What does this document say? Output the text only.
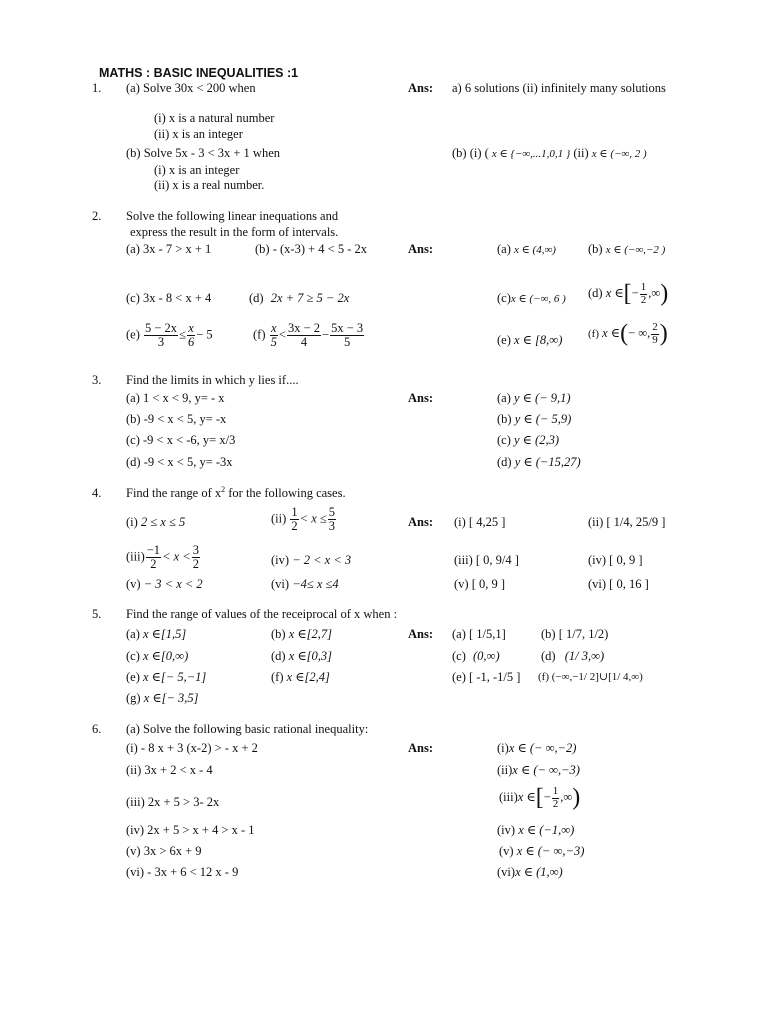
MATHS : BASIC INEQUALITIES :1
1. (a) Solve 30x < 200 when	Ans: a) 6 solutions (ii) infinitely many solutions
(i) x is a natural number
(ii) x is an integer
(b) Solve 5x - 3 < 3x + 1 when	(b) (i) ( x ∈ {−∞,...1,0,1 } (ii) x ∈ (−∞, 2 )
(i) x is an integer
(ii) x is a real number.
2. Solve the following linear inequations and
express the result in the form of intervals.
(a) 3x - 7 > x + 1	(b) - (x-3) + 4 < 5 - 2x	Ans:	(a) x ∈ (4,∞)	(b) x ∈ (−∞,−2 )
(c) 3x - 8 < x + 4	(d) 2x + 7 ≥ 5 − 2x	(c)x ∈ (−∞, 6 ) (d) x ∈[− $\frac{1}{2}$ ,∞)
$(e) \frac{5 - 2x}{3} \le \frac{x}{6} - 5$	$(f) \frac{x}{5} < \frac{3x - 2}{4} - \frac{5x - 3}{5}$	(e) x ∈ [8,∞) (f) x ∈(− ∞, $\frac{2}{9}$ )
3. Find the limits in which y lies if....
(a) 1 < x < 9, y= - x	Ans:	(a) y ∈ (− 9,1)
(b) -9 < x < 5, y= -x	(b) y ∈ (− 5,9)
(c) -9 < x < -6, y= x/3	(c) y ∈ (2,3)
(d) -9 < x < 5, y= -3x	(d) y ∈ (−15,27)
4. Find the range of $x^2$ for the following cases.
(i) 2 ≤ x ≤ 5	$(ii) \frac{1}{2} < x \le \frac{5}{3}$	Ans: (i) [ 4,25 ]	(ii) [ 1/4, 25/9 ]
$(iii) \frac{-1}{2} < x < \frac{3}{2}$	(iv) − 2 < x < 3	(iii) [ 0, 9/4 ]	(iv) [ 0, 9 ]
(v) − 3 < x < 2	(vi) −4≤ x ≤4	(v) [ 0, 9 ]	(vi) [ 0, 16 ]
5. Find the range of values of the receiprocal of x when :
(a) x ∈[1,5]	(b) x ∈[2,7]	Ans: (a) [ 1/5,1]	(b) [ 1/7, 1/2)
(c) x ∈[0,∞)	(d) x ∈[0,3]	(c) (0,∞)	(d) (1/ 3,∞)
(e) x ∈[− 5,−1]	(f) x ∈[2,4]	(e) [ -1, -1/5 ] (f) (−∞,−1/ 2]∪[1/ 4,∞)
(g) x ∈[− 3,5]
6. (a) Solve the following basic rational inequality:
(i) - 8 x + 3 (x-2) > - x + 2	Ans:	(i)x ∈ (− ∞,−2)
(ii) 3x + 2 < x - 4	(ii)x ∈ (− ∞,−3)
(iii) 2x + 5 > 3- 2x	(iii)x ∈[− $\frac{1}{2}$ ,∞)
(iv) 2x + 5 > x + 4 > x - 1	(iv) x ∈ (−1,∞)
(v) 3x > 6x + 9	(v) x ∈ (− ∞,−3)
(vi) - 3x + 6 < 12 x - 9	(vi)x ∈ (1,∞)
